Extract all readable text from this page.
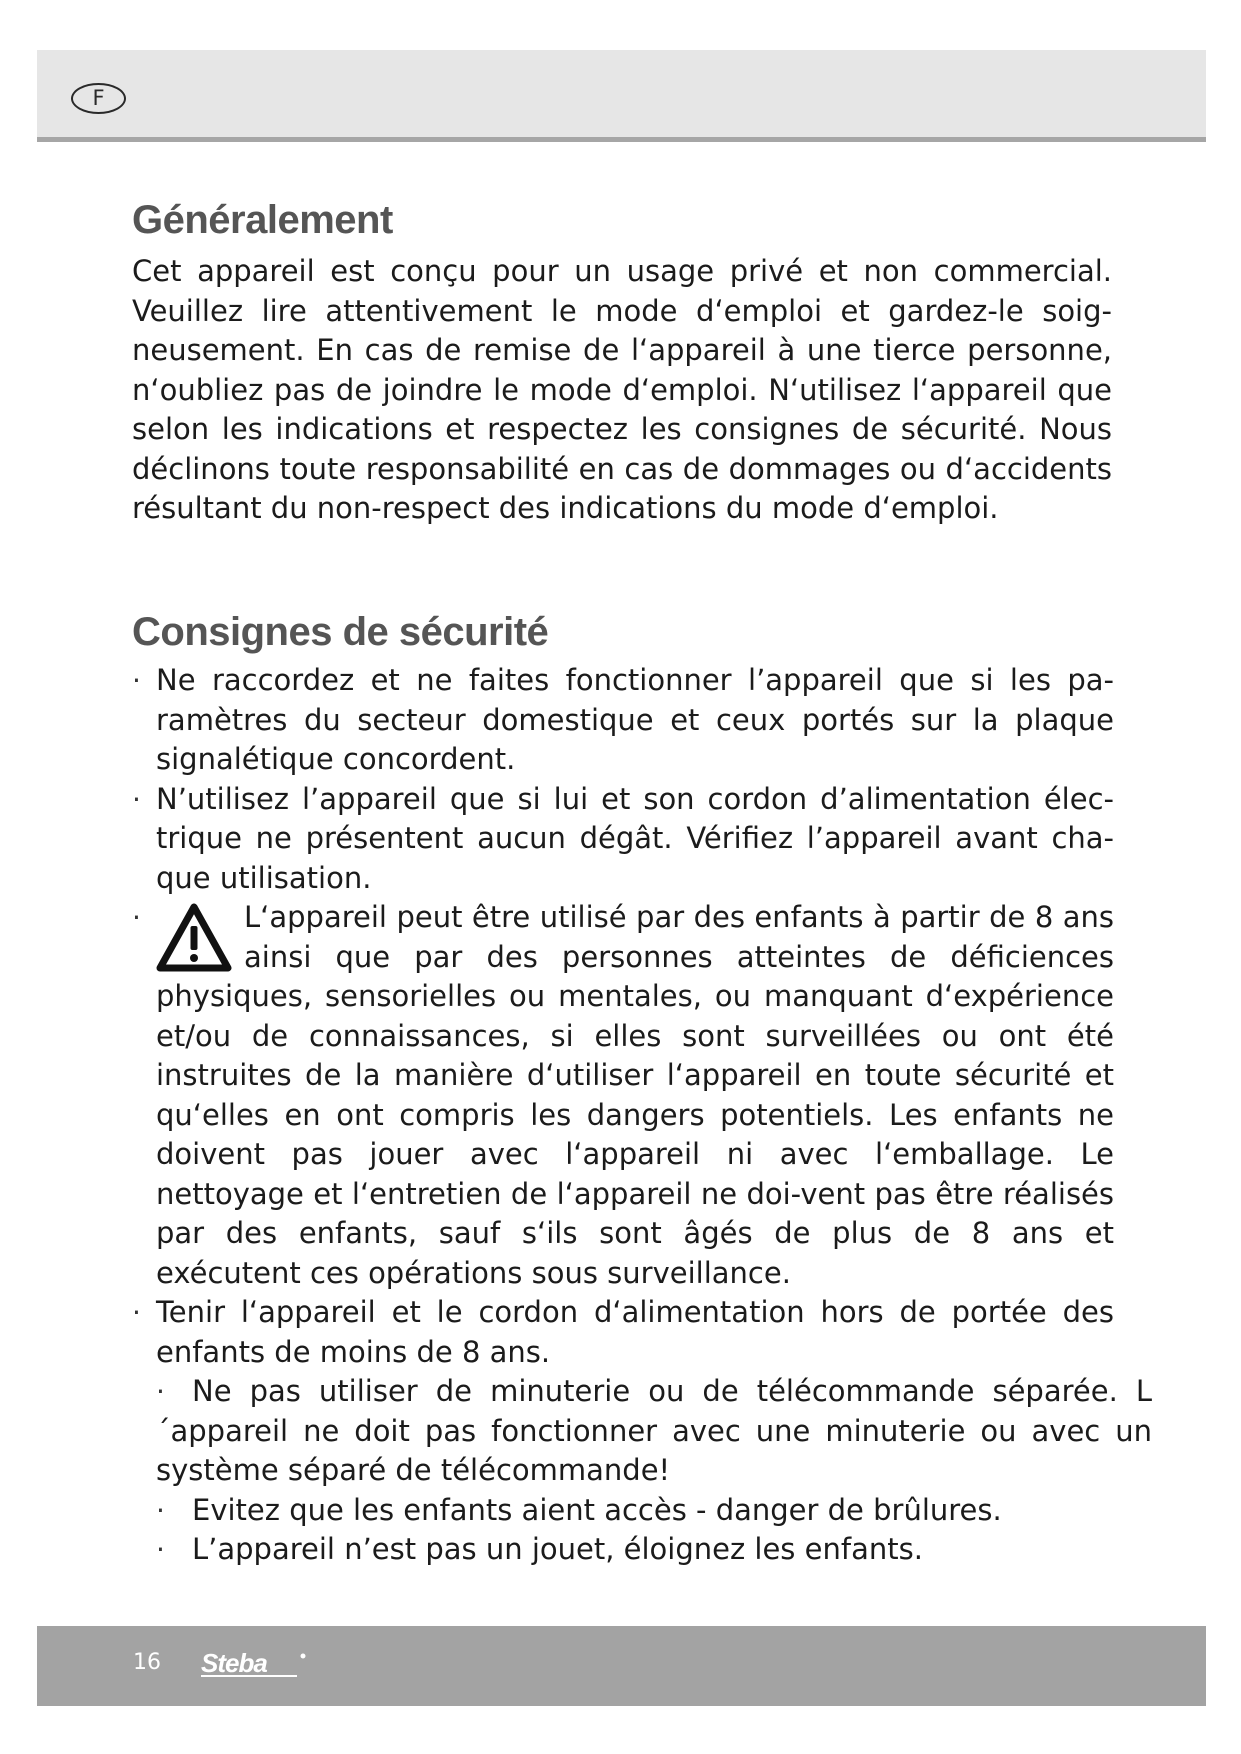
F
Généralement

Cet appareil est conçu pour un usage privé et non commercial. Veuillez lire attentivement le mode d‘emploi et gardez-le soig-neusement. En cas de remise de l‘appareil à une tierce personne, n‘oubliez pas de joindre le mode d‘emploi. N‘utilisez l‘appareil que selon les indications et respectez les consignes de sécurité. Nous déclinons toute responsabilité en cas de dommages ou d‘accidents résultant du non-respect des indications du mode d‘emploi.

Consignes de sécurité
· Ne raccordez et ne faites fonctionner l’appareil que si les pa-ramètres du secteur domestique et ceux portés sur la plaque signalétique concordent.
· N’utilisez l’appareil que si lui et son cordon d’alimentation élec-trique ne présentent aucun dégât. Vérifiez l’appareil avant cha-que utilisation.
·	L‘appareil peut être utilisé par des enfants à partir de 8 ans ainsi que par des personnes atteintes de déficiences physiques, sensorielles ou mentales, ou manquant d‘expérience et/ou de connaissances, si elles sont surveillées ou ont été instruites de la manière d‘utiliser l‘appareil en toute sécurité et qu‘elles en ont compris les dangers potentiels. Les enfants ne doivent pas jouer avec l‘appareil ni avec l‘emballage. Le nettoyage et l‘entretien de l‘appareil ne doi-vent pas être réalisés par des enfants, sauf s‘ils sont âgés de plus de 8 ans et exécutent ces opérations sous surveillance.
· Tenir l‘appareil et le cordon d‘alimentation hors de portée des enfants de moins de 8 ans.
· Ne pas utiliser de minuterie ou de télécommande séparée. L´appareil ne doit pas fonctionner avec une minuterie ou avec un système séparé de télécommande!
· Evitez que les enfants aient accès - danger de brûlures.
· L’appareil n’est pas un jouet, éloignez les enfants.
16 Steba
